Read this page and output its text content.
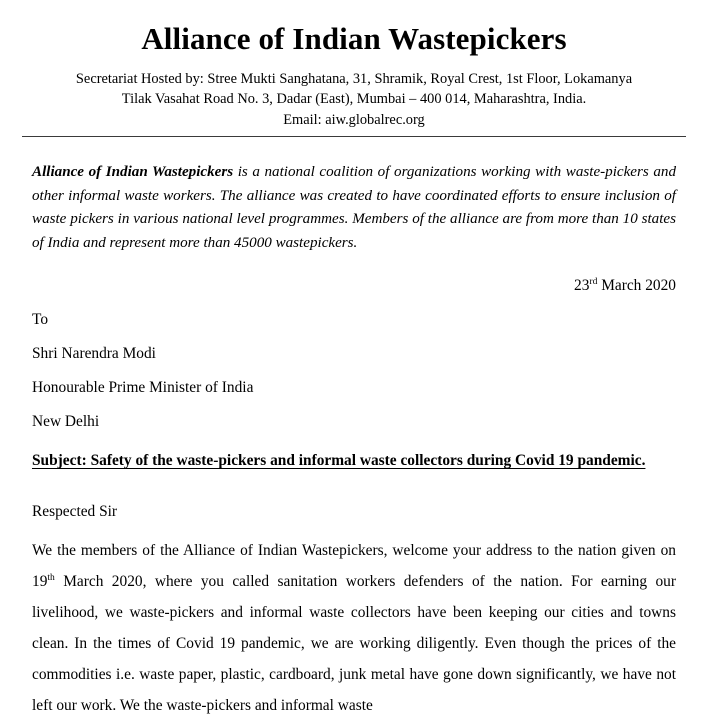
Alliance of Indian Wastepickers
Secretariat Hosted by: Stree Mukti Sanghatana, 31, Shramik, Royal Crest, 1st Floor, Lokamanya
Tilak Vasahat Road No. 3, Dadar (East), Mumbai – 400 014, Maharashtra, India.
Email: aiw.globalrec.org

Alliance of Indian Wastepickers is a national coalition of organizations working with waste-pickers and other informal waste workers. The alliance was created to have coordinated efforts to ensure inclusion of waste pickers in various national level programmes. Members of the alliance are from more than 10 states of India and represent more than 45000 wastepickers.

23rd March 2020

To

Shri Narendra Modi

Honourable Prime Minister of India

New Delhi

Subject: Safety of the waste-pickers and informal waste collectors during Covid 19 pandemic.

Respected Sir

We the members of the Alliance of Indian Wastepickers, welcome your address to the nation given on 19th March 2020, where you called sanitation workers defenders of the nation. For earning our livelihood, we waste-pickers and informal waste collectors have been keeping our cities and towns clean. In the times of Covid 19 pandemic, we are working diligently. Even though the prices of the commodities i.e. waste paper, plastic, cardboard, junk metal have gone down significantly, we have not left our work. We the waste-pickers and informal waste
